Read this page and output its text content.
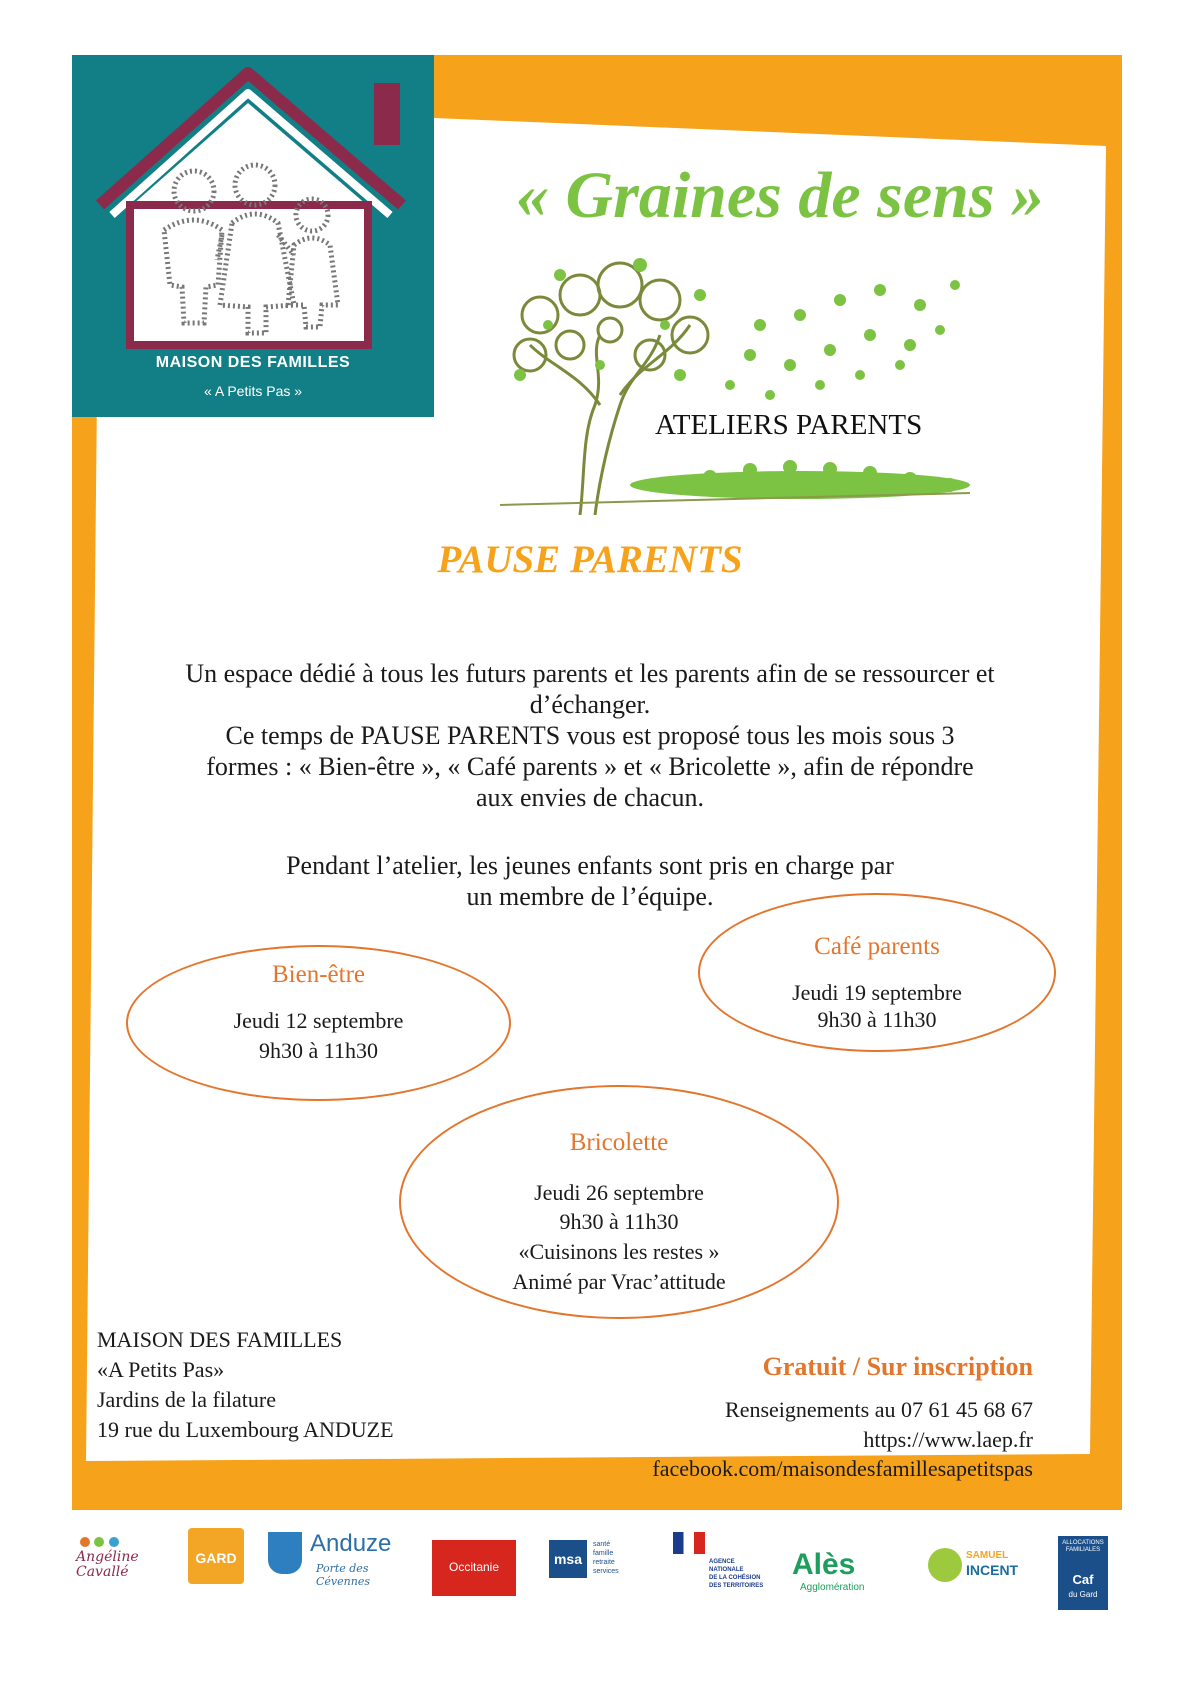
MAISON DES FAMILLES
« A Petits Pas »
« Graines de sens »
ATELIERS PARENTS
PAUSE PARENTS
Un espace dédié à tous les futurs parents et les parents afin de se ressourcer et
d’échanger.
Ce temps de PAUSE PARENTS vous est proposé tous les mois sous 3
formes : « Bien-être », « Café parents » et « Bricolette », afin de répondre
aux envies de chacun.
Pendant l’atelier, les jeunes enfants sont pris en charge par
un membre de l’équipe.
Bien-être
Jeudi 12 septembre
9h30 à 11h30
Café parents
Jeudi 19 septembre
9h30 à 11h30
Bricolette
Jeudi 26 septembre
9h30 à 11h30
«Cuisinons les restes »
Animé par Vrac’attitude
MAISON DES FAMILLES
«A Petits Pas»
Jardins de la filature
19 rue du Luxembourg ANDUZE
Gratuit / Sur inscription
Renseignements au 07 61 45 68 67
https://www.laep.fr
facebook.com/maisondesfamillesapetitspas

Angéline Cavallé
GARD
Anduze
Porte des Cévennes
Occitanie	msa
santé
famille
retraite
services
AGENCE
NATIONALE
DE LA COHÉSION
DES TERRITOIRES
Alès
Agglomération
SAMUEL
INCENT
ALLOCATIONS FAMILIALES
Caf
du Gard
